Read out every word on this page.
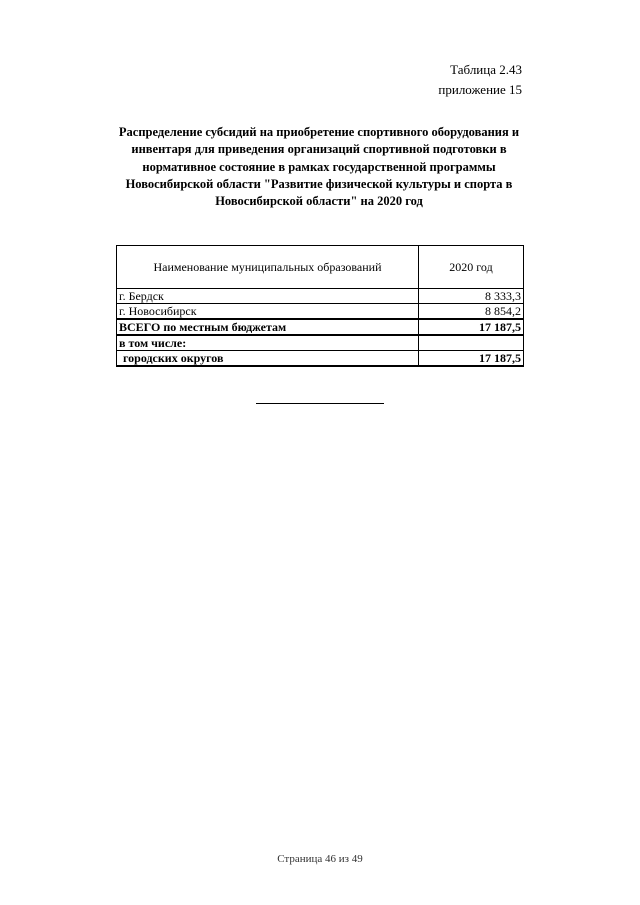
Таблица 2.43
приложение 15
Распределение субсидий на приобретение спортивного оборудования и инвентаря для приведения организаций спортивной подготовки в нормативное состояние в рамках государственной программы Новосибирской области "Развитие физической культуры и спорта в Новосибирской области" на 2020 год
Наименование муниципальных образований	2020 год
г. Бердск	8 333,3
г. Новосибирск	8 854,2
ВСЕГО по местным бюджетам	17 187,5
в том числе:	
городских округов	17 187,5
Страница 46 из 49
